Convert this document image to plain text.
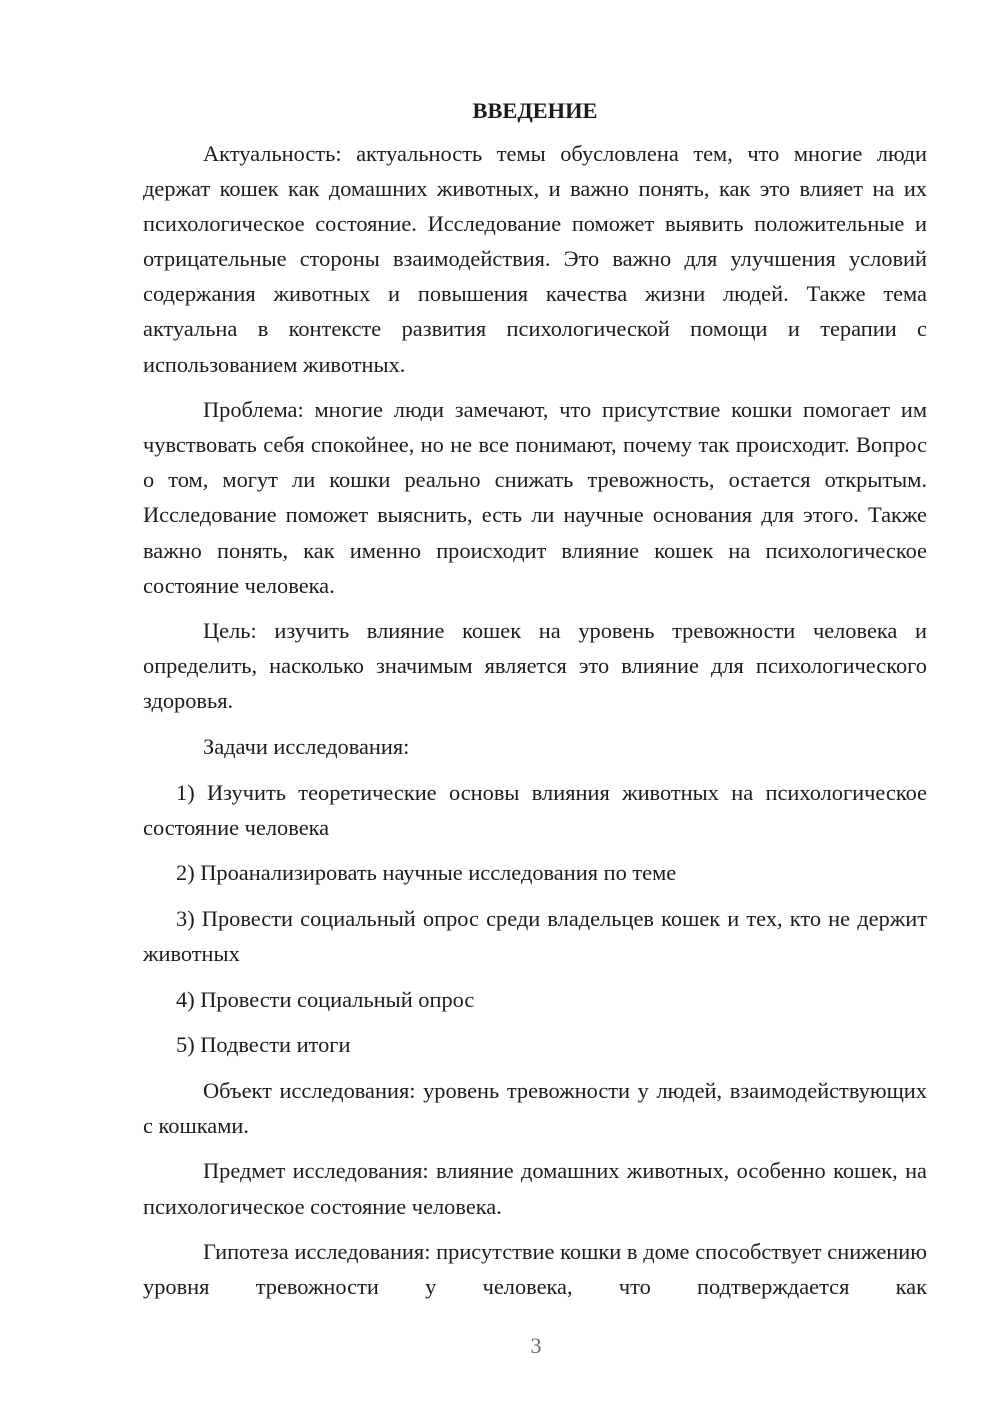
ВВЕДЕНИЕ

Актуальность: актуальность темы обусловлена тем, что многие люди держат кошек как домашних животных, и важно понять, как это влияет на их психологическое состояние. Исследование поможет выявить положительные и отрицательные стороны взаимодействия. Это важно для улучшения условий содержания животных и повышения качества жизни людей. Также тема актуальна в контексте развития психологической помощи и терапии с использованием животных.

Проблема: многие люди замечают, что присутствие кошки помогает им чувствовать себя спокойнее, но не все понимают, почему так происходит. Вопрос о том, могут ли кошки реально снижать тревожность, остается открытым. Исследование поможет выяснить, есть ли научные основания для этого. Также важно понять, как именно происходит влияние кошек на психологическое состояние человека.

Цель: изучить влияние кошек на уровень тревожности человека и определить, насколько значимым является это влияние для психологического здоровья.

Задачи исследования:

1) Изучить теоретические основы влияния животных на психологическое состояние человека

2) Проанализировать научные исследования по теме

3) Провести социальный опрос среди владельцев кошек и тех, кто не держит животных

4) Провести социальный опрос

5) Подвести итоги

Объект исследования: уровень тревожности у людей, взаимодействующих с кошками.

Предмет исследования: влияние домашних животных, особенно кошек, на психологическое состояние человека.

Гипотеза исследования: присутствие кошки в доме способствует снижению уровня тревожности у человека, что подтверждается как

3
